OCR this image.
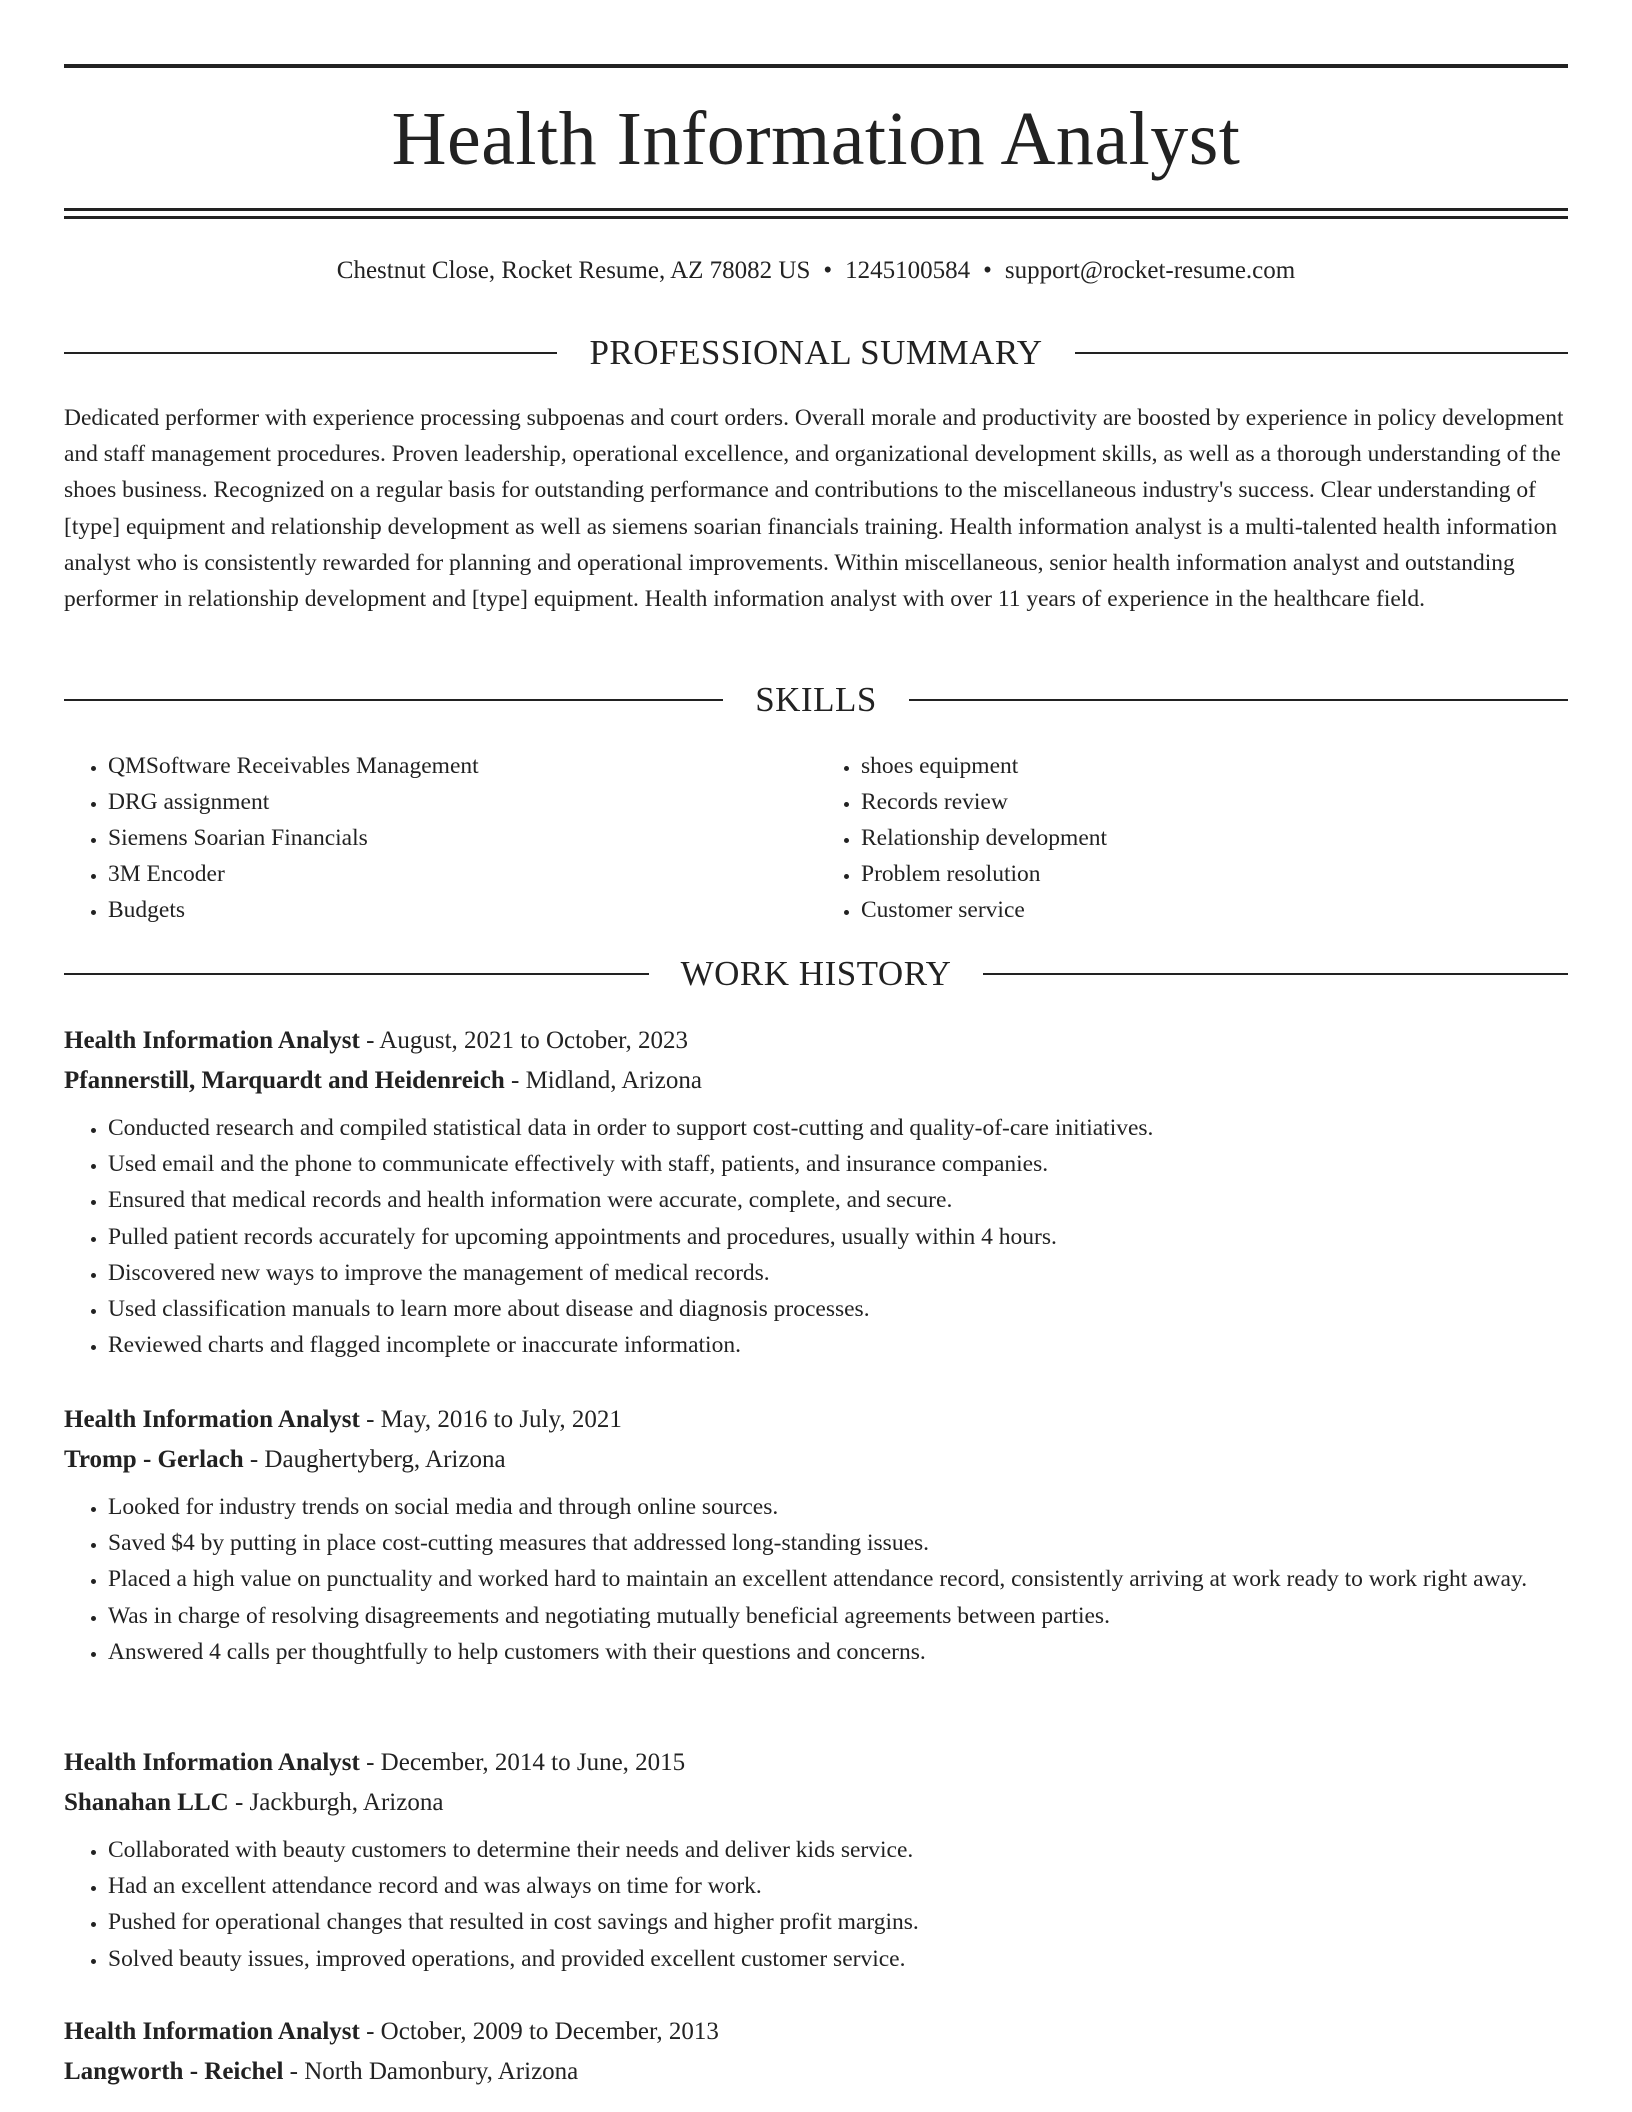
Health Information Analyst
Chestnut Close, Rocket Resume, AZ 78082 US • 1245100584 • support@rocket-resume.com
PROFESSIONAL SUMMARY

Dedicated performer with experience processing subpoenas and court orders. Overall morale and productivity are boosted by experience in policy development and staff management procedures. Proven leadership, operational excellence, and organizational development skills, as well as a thorough understanding of the shoes business. Recognized on a regular basis for outstanding performance and contributions to the miscellaneous industry's success. Clear understanding of [type] equipment and relationship development as well as siemens soarian financials training. Health information analyst is a multi-talented health information analyst who is consistently rewarded for planning and operational improvements. Within miscellaneous, senior health information analyst and outstanding performer in relationship development and [type] equipment. Health information analyst with over 11 years of experience in the healthcare field.

SKILLS
• QMSoftware Receivables Management
• DRG assignment
• Siemens Soarian Financials
• 3M Encoder
• Budgets
• shoes equipment
• Records review
• Relationship development
• Problem resolution
• Customer service
WORK HISTORY
Health Information Analyst - August, 2021 to October, 2023
Pfannerstill, Marquardt and Heidenreich - Midland, Arizona
• Conducted research and compiled statistical data in order to support cost-cutting and quality-of-care initiatives.
• Used email and the phone to communicate effectively with staff, patients, and insurance companies.
• Ensured that medical records and health information were accurate, complete, and secure.
• Pulled patient records accurately for upcoming appointments and procedures, usually within 4 hours.
• Discovered new ways to improve the management of medical records.
• Used classification manuals to learn more about disease and diagnosis processes.
• Reviewed charts and flagged incomplete or inaccurate information.
Health Information Analyst - May, 2016 to July, 2021
Tromp - Gerlach - Daughertyberg, Arizona
• Looked for industry trends on social media and through online sources.
• Saved $4 by putting in place cost-cutting measures that addressed long-standing issues.
• Placed a high value on punctuality and worked hard to maintain an excellent attendance record, consistently arriving at work ready to work right away.
• Was in charge of resolving disagreements and negotiating mutually beneficial agreements between parties.
• Answered 4 calls per thoughtfully to help customers with their questions and concerns.
Health Information Analyst - December, 2014 to June, 2015
Shanahan LLC - Jackburgh, Arizona
• Collaborated with beauty customers to determine their needs and deliver kids service.
• Had an excellent attendance record and was always on time for work.
• Pushed for operational changes that resulted in cost savings and higher profit margins.
• Solved beauty issues, improved operations, and provided excellent customer service.
Health Information Analyst - October, 2009 to December, 2013
Langworth - Reichel - North Damonbury, Arizona
